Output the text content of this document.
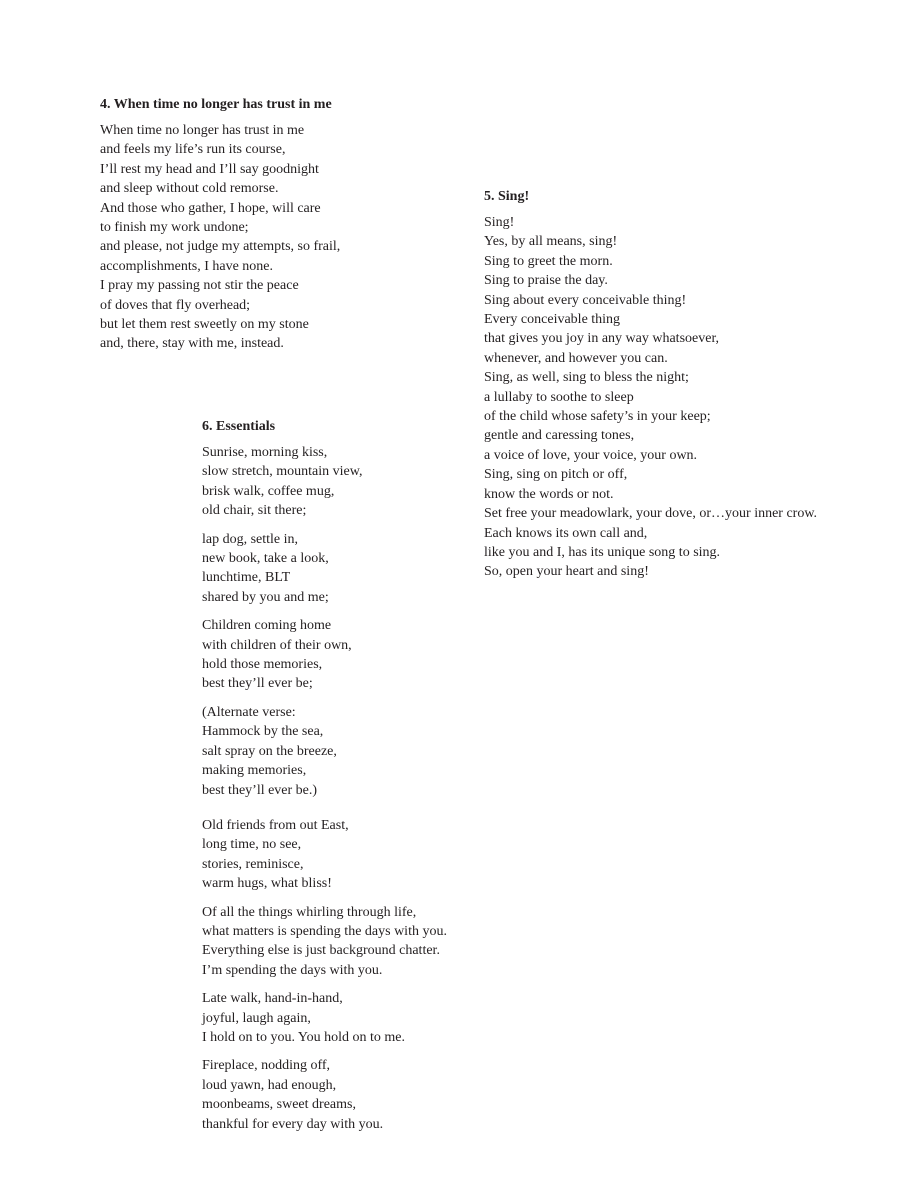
4. When time no longer has trust in me
When time no longer has trust in me
and feels my life’s run its course,
I’ll rest my head and I’ll say goodnight
and sleep without cold remorse.
And those who gather, I hope, will care
to finish my work undone;
and please, not judge my attempts, so frail,
accomplishments, I have none.
I pray my passing not stir the peace
of doves that fly overhead;
but let them rest sweetly on my stone
and, there, stay with me, instead.
5. Sing!
Sing!
Yes, by all means, sing!
Sing to greet the morn.
Sing to praise the day.
Sing about every conceivable thing!
Every conceivable thing
that gives you joy in any way whatsoever,
whenever, and however you can.
Sing, as well, sing to bless the night;
a lullaby to soothe to sleep
of the child whose safety’s in your keep;
gentle and caressing tones,
a voice of love, your voice, your own.
Sing, sing on pitch or off,
know the words or not.
Set free your meadowlark, your dove, or…your inner crow.
Each knows its own call and,
like you and I, has its unique song to sing.
So, open your heart and sing!
6. Essentials
Sunrise, morning kiss,
slow stretch, mountain view,
brisk walk, coffee mug,
old chair, sit there;
lap dog, settle in,
new book, take a look,
lunchtime, BLT
shared by you and me;
Children coming home
with children of their own,
hold those memories,
best they’ll ever be;
(Alternate verse:
Hammock by the sea,
salt spray on the breeze,
making memories,
best they’ll ever be.)
Old friends from out East,
long time, no see,
stories, reminisce,
warm hugs, what bliss!
Of all the things whirling through life,
what matters is spending the days with you.
Everything else is just background chatter.
I’m spending the days with you.
Late walk, hand-in-hand,
joyful, laugh again,
I hold on to you. You hold on to me.
Fireplace, nodding off,
loud yawn, had enough,
moonbeams, sweet dreams,
thankful for every day with you.
